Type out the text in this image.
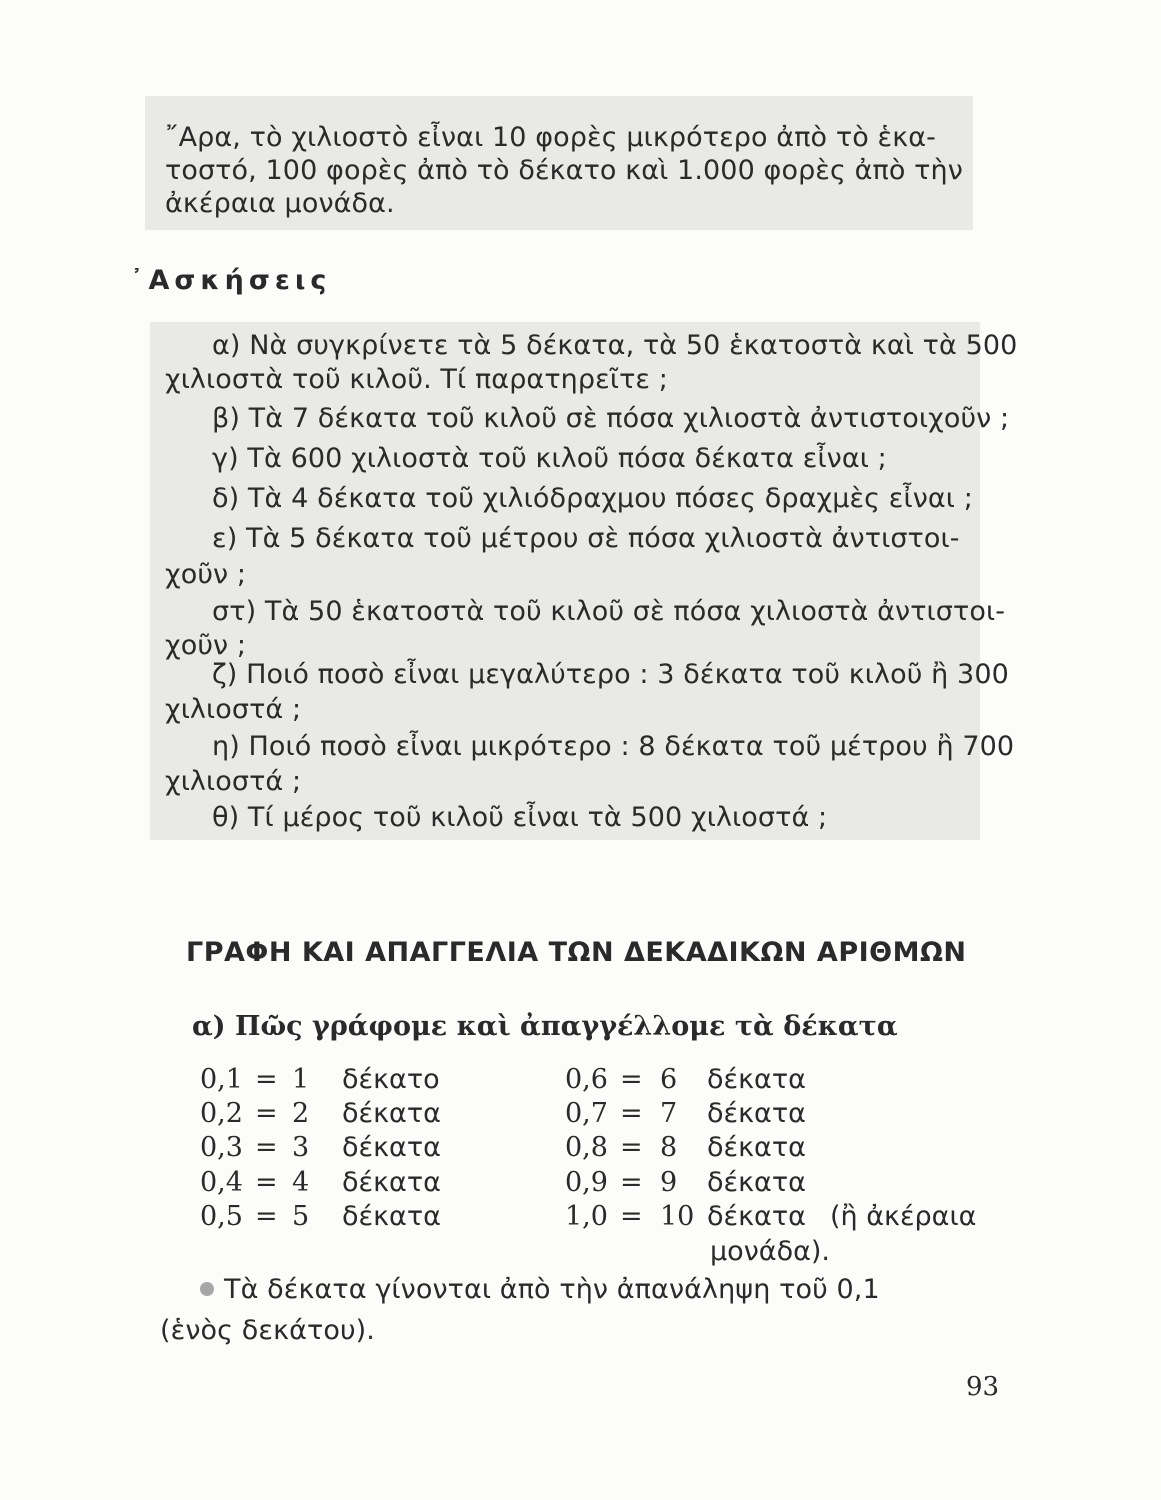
῎Αρα, τὸ χιλιοστὸ εἶναι 10 φορὲς μικρότερο ἀπὸ τὸ ἑκα-
τοστό, 100 φορὲς ἀπὸ τὸ δέκατο καὶ 1.000 φορὲς ἀπὸ τὴν
ἀκέραια μονάδα.
᾿Ασκήσεις
α) Νὰ συγκρίνετε τὰ 5 δέκατα, τὰ 50 ἑκατοστὰ καὶ τὰ 500
χιλιοστὰ τοῦ κιλοῦ. Τί παρατηρεῖτε ;
β) Τὰ 7 δέκατα τοῦ κιλοῦ σὲ πόσα χιλιοστὰ ἀντιστοιχοῦν ;
γ) Τὰ 600 χιλιοστὰ τοῦ κιλοῦ πόσα δέκατα εἶναι ;
δ) Τὰ 4 δέκατα τοῦ χιλιόδραχμου πόσες δραχμὲς εἶναι ;
ε) Τὰ 5 δέκατα τοῦ μέτρου σὲ πόσα χιλιοστὰ ἀντιστοι-
χοῦν ;
στ) Τὰ 50 ἑκατοστὰ τοῦ κιλοῦ σὲ πόσα χιλιοστὰ ἀντιστοι-
χοῦν ;
ζ) Ποιό ποσὸ εἶναι μεγαλύτερο : 3 δέκατα τοῦ κιλοῦ ἢ 300
χιλιοστά ;
η) Ποιό ποσὸ εἶναι μικρότερο : 8 δέκατα τοῦ μέτρου ἢ 700
χιλιοστά ;
θ) Τί μέρος τοῦ κιλοῦ εἶναι τὰ 500 χιλιοστά ;
ΓΡΑΦΗ ΚΑΙ ΑΠΑΓΓΕΛΙΑ ΤΩΝ ΔΕΚΑΔΙΚΩΝ ΑΡΙΘΜΩΝ
α) Πῶς γράφομε καὶ ἀπαγγέλλομε τὰ δέκατα
0,1 = 1 δέκατο
0,2 = 2 δέκατα
0,3 = 3 δέκατα
0,4 = 4 δέκατα
0,5 = 5 δέκατα
0,6 = 6 δέκατα
0,7 = 7 δέκατα
0,8 = 8 δέκατα
0,9 = 9 δέκατα
1,0 = 10 δέκατα (ἢ ἀκέραια
μονάδα).
Τὰ δέκατα γίνονται ἀπὸ τὴν ἀπανάληψη τοῦ 0,1
(ἑνὸς δεκάτου).
93
